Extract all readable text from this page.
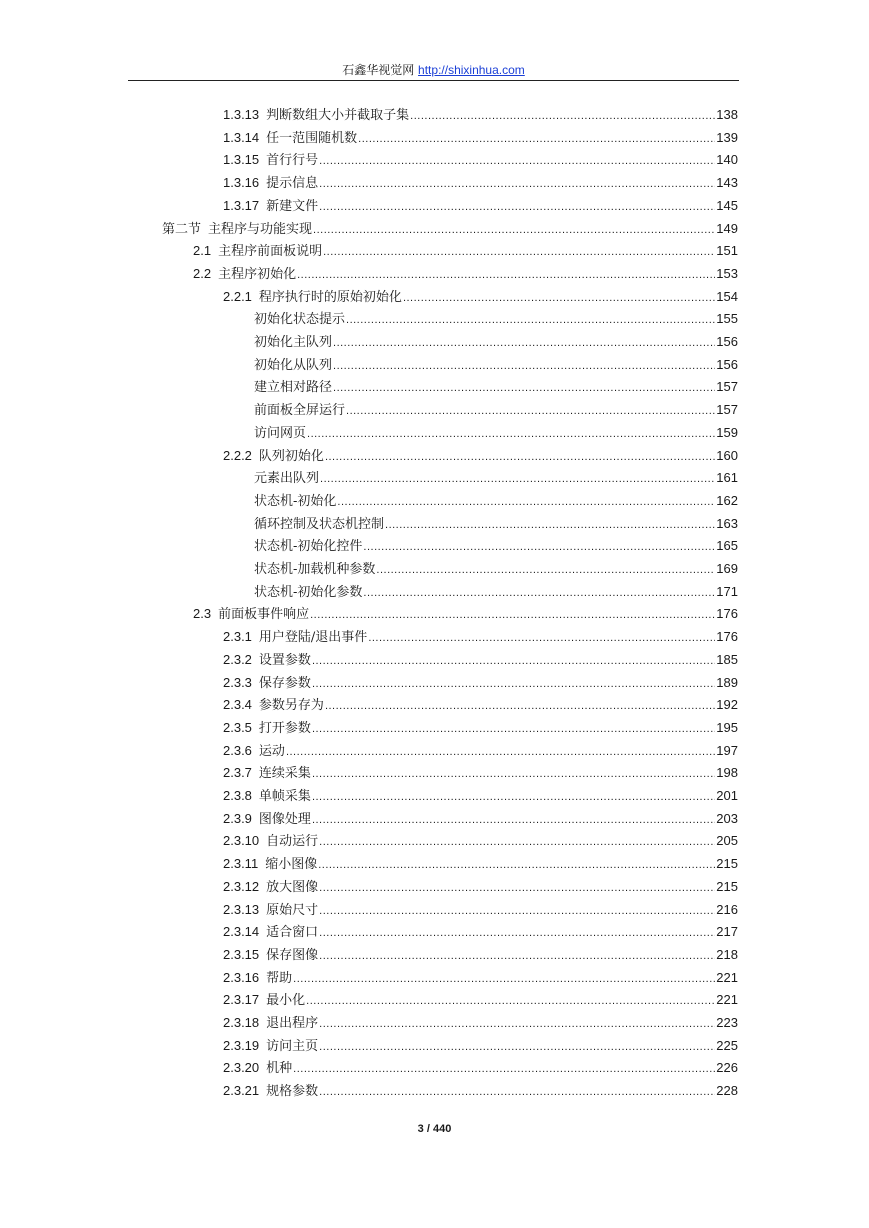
石鑫华视觉网 http://shixinhua.com
1.3.13 判断数组大小并截取子集 .....	138
1.3.14 任一范围随机数 .....	139
1.3.15 首行行号 .....	140
1.3.16 提示信息 .....	143
1.3.17 新建文件 .....	145
第二节 主程序与功能实现 .....	149
2.1 主程序前面板说明 .....	151
2.2 主程序初始化 .....	153
2.2.1 程序执行时的原始初始化 .....	154
初始化状态提示 .....	155
初始化主队列 .....	156
初始化从队列 .....	156
建立相对路径 .....	157
前面板全屏运行 .....	157
访问网页 .....	159
2.2.2 队列初始化 .....	160
元素出队列 .....	161
状态机-初始化 .....	162
循环控制及状态机控制 .....	163
状态机-初始化控件 .....	165
状态机-加载机种参数 .....	169
状态机-初始化参数 .....	171
2.3 前面板事件响应 .....	176
2.3.1 用户登陆/退出事件 .....	176
2.3.2 设置参数 .....	185
2.3.3 保存参数 .....	189
2.3.4 参数另存为 .....	192
2.3.5 打开参数 .....	195
2.3.6 运动 .....	197
2.3.7 连续采集 .....	198
2.3.8 单帧采集 .....	201
2.3.9 图像处理 .....	203
2.3.10 自动运行 .....	205
2.3.11 缩小图像 .....	215
2.3.12 放大图像 .....	215
2.3.13 原始尺寸 .....	216
2.3.14 适合窗口 .....	217
2.3.15 保存图像 .....	218
2.3.16 帮助 .....	221
2.3.17 最小化 .....	221
2.3.18 退出程序 .....	223
2.3.19 访问主页 .....	225
2.3.20 机种 .....	226
2.3.21 规格参数 .....	228
3 / 440
